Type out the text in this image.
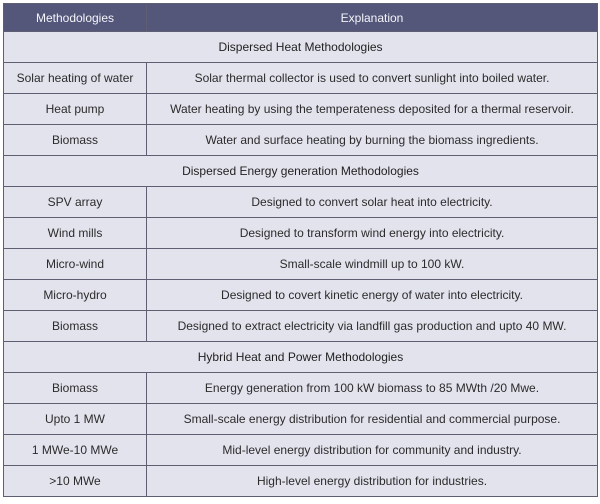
Methodologies	Explanation
Dispersed Heat Methodologies	
Solar heating of water	Solar thermal collector is used to convert sunlight into boiled water.
Heat pump	Water heating by using the temperateness deposited for a thermal reservoir.
Biomass	Water and surface heating by burning the biomass ingredients.
Dispersed Energy generation Methodologies	
SPV array	Designed to convert solar heat into electricity.
Wind mills	Designed to transform wind energy into electricity.
Micro-wind	Small-scale windmill up to 100 kW.
Micro-hydro	Designed to covert kinetic energy of water into electricity.
Biomass	Designed to extract electricity via landfill gas production and upto 40 MW.
Hybrid Heat and Power Methodologies	
Biomass	Energy generation from 100 kW biomass to 85 MWth /20 Mwe.
Upto 1 MW	Small-scale energy distribution for residential and commercial purpose.
1 MWe-10 MWe	Mid-level energy distribution for community and industry.
>10 MWe	High-level energy distribution for industries.
